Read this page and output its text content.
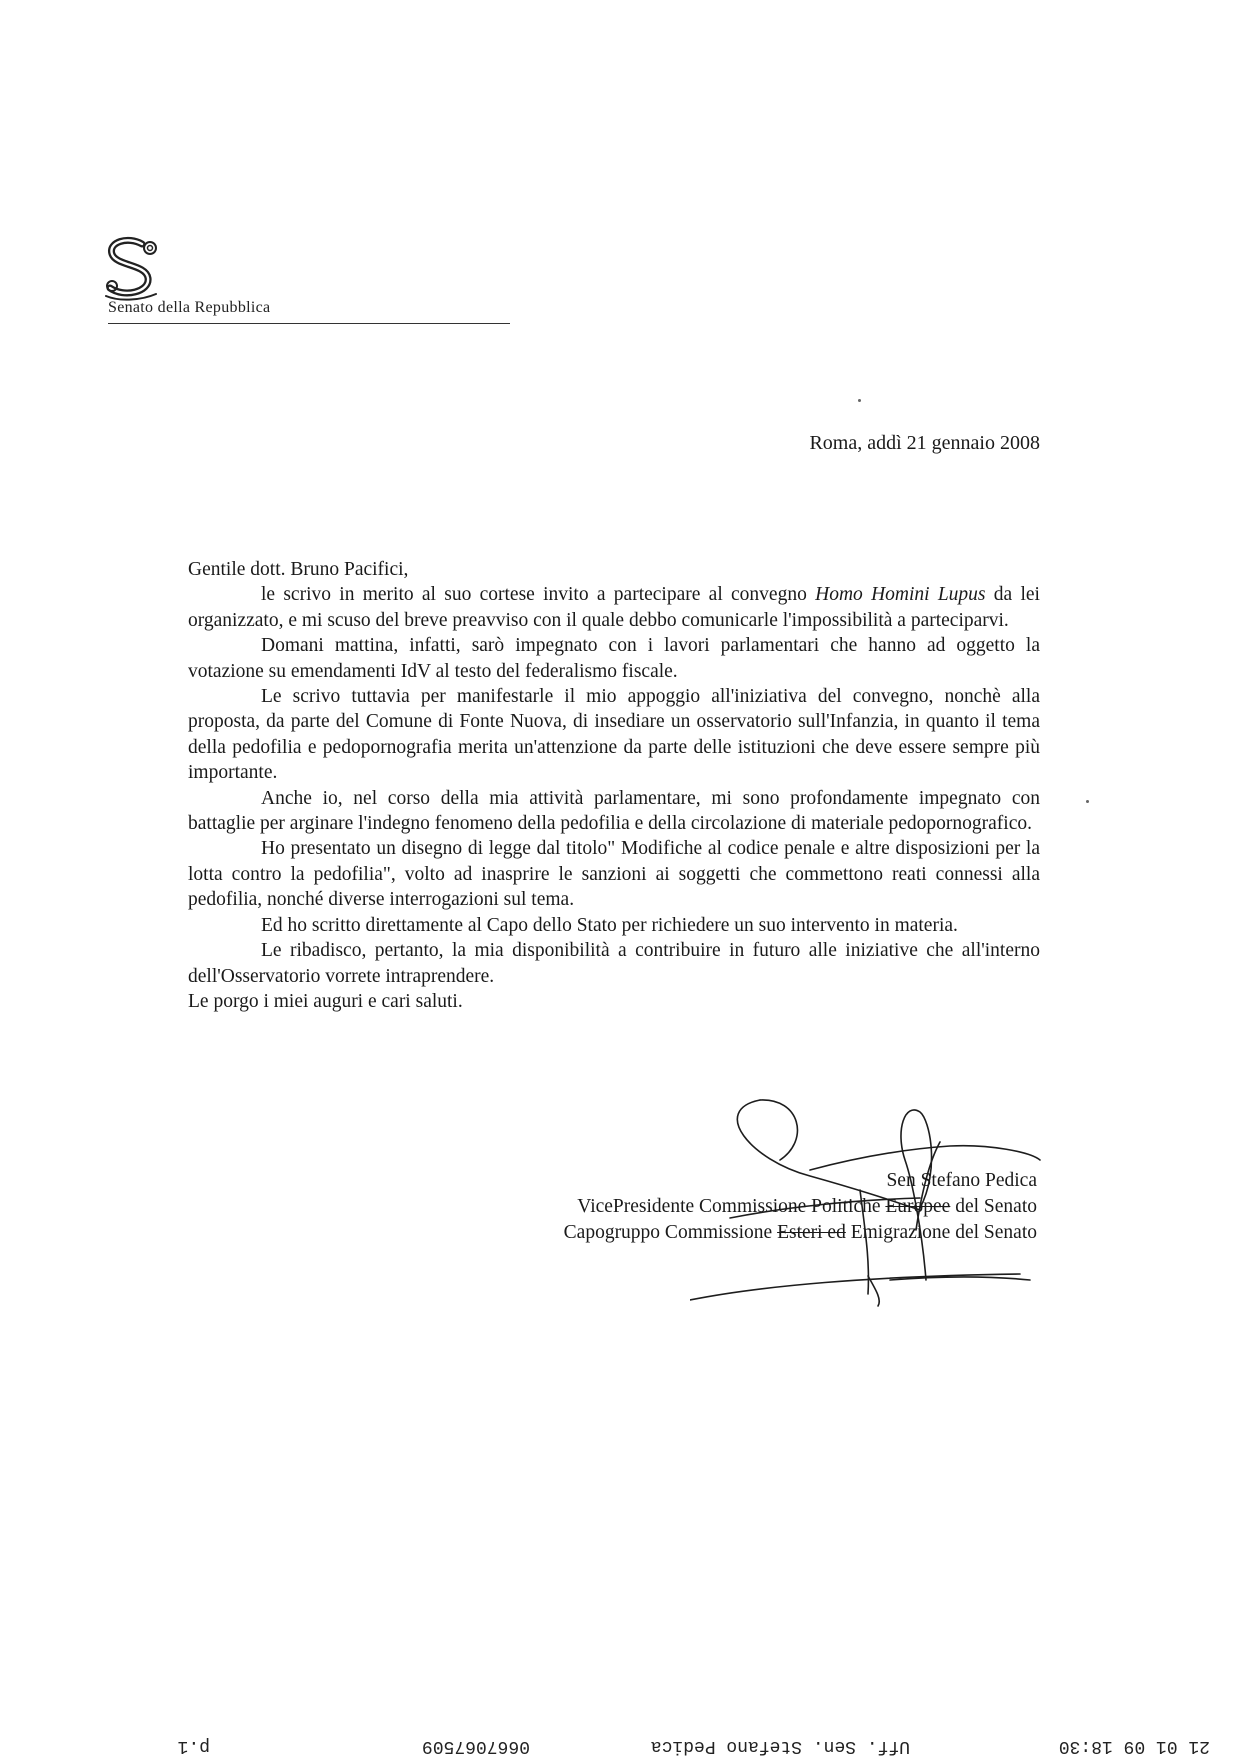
Senato della Repubblica
Roma, addì 21 gennaio 2008

Gentile dott. Bruno Pacifici,

le scrivo in merito al suo cortese invito a partecipare al convegno Homo Homini Lupus da lei organizzato, e mi scuso del breve preavviso con il quale debbo comunicarle l'impossibilità a parteciparvi.

Domani mattina, infatti, sarò impegnato con i lavori parlamentari che hanno ad oggetto la votazione su emendamenti IdV al testo del federalismo fiscale.

Le scrivo tuttavia per manifestarle il mio appoggio all'iniziativa del convegno, nonchè alla proposta, da parte del Comune di Fonte Nuova, di insediare un osservatorio sull'Infanzia, in quanto il tema della pedofilia e pedopornografia merita un'attenzione da parte delle istituzioni che deve essere sempre più importante.

Anche io, nel corso della mia attività parlamentare, mi sono profondamente impegnato con battaglie per arginare l'indegno fenomeno della pedofilia e della circolazione di materiale pedopornografico.

Ho presentato un disegno di legge dal titolo" Modifiche al codice penale e altre disposizioni per la lotta contro la pedofilia", volto ad inasprire le sanzioni ai soggetti che commettono reati connessi alla pedofilia, nonché diverse interrogazioni sul tema.

Ed ho scritto direttamente al Capo dello Stato per richiedere un suo intervento in materia.

Le ribadisco, pertanto, la mia disponibilità a contribuire in futuro alle iniziative che all'interno dell'Osservatorio vorrete intraprendere.

Le porgo i miei auguri e cari saluti.

Sen Stefano Pedica
VicePresidente Commissione Politiche Europee del Senato
Capogruppo Commissione Esteri ed Emigrazione del Senato
21 01 09 18:30
Uff. Sen. Stefano Pedica
0667067509
p.1
